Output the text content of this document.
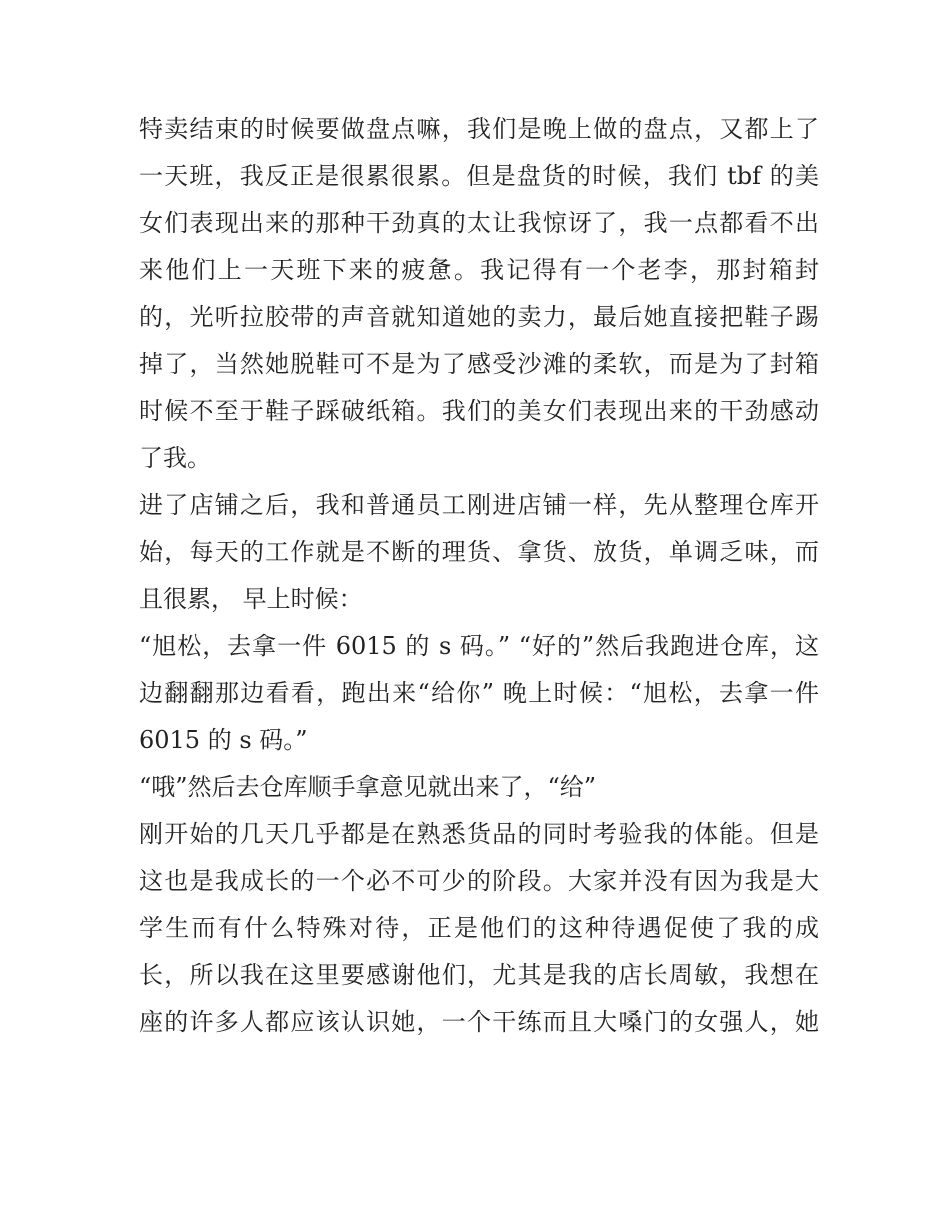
特卖结束的时候要做盘点嘛，我们是晚上做的盘点，又都上了
一天班，我反正是很累很累。但是盘货的时候，我们 tbf 的美
女们表现出来的那种干劲真的太让我惊讶了，我一点都看不出
来他们上一天班下来的疲惫。我记得有一个老李，那封箱封
的，光听拉胶带的声音就知道她的卖力，最后她直接把鞋子踢
掉了，当然她脱鞋可不是为了感受沙滩的柔软，而是为了封箱
时候不至于鞋子踩破纸箱。我们的美女们表现出来的干劲感动
了我。
进了店铺之后，我和普通员工刚进店铺一样，先从整理仓库开
始，每天的工作就是不断的理货、拿货、放货，单调乏味，而
且很累， 早上时候：
“旭松，去拿一件 6015 的 s 码。” “好的”然后我跑进仓库，这
边翻翻那边看看，跑出来“给你” 晚上时候：“旭松，去拿一件
6015 的 s 码。”
“哦”然后去仓库顺手拿意见就出来了，“给”
刚开始的几天几乎都是在熟悉货品的同时考验我的体能。但是
这也是我成长的一个必不可少的阶段。大家并没有因为我是大
学生而有什么特殊对待，正是他们的这种待遇促使了我的成
长，所以我在这里要感谢他们，尤其是我的店长周敏，我想在
座的许多人都应该认识她，一个干练而且大嗓门的女强人，她
